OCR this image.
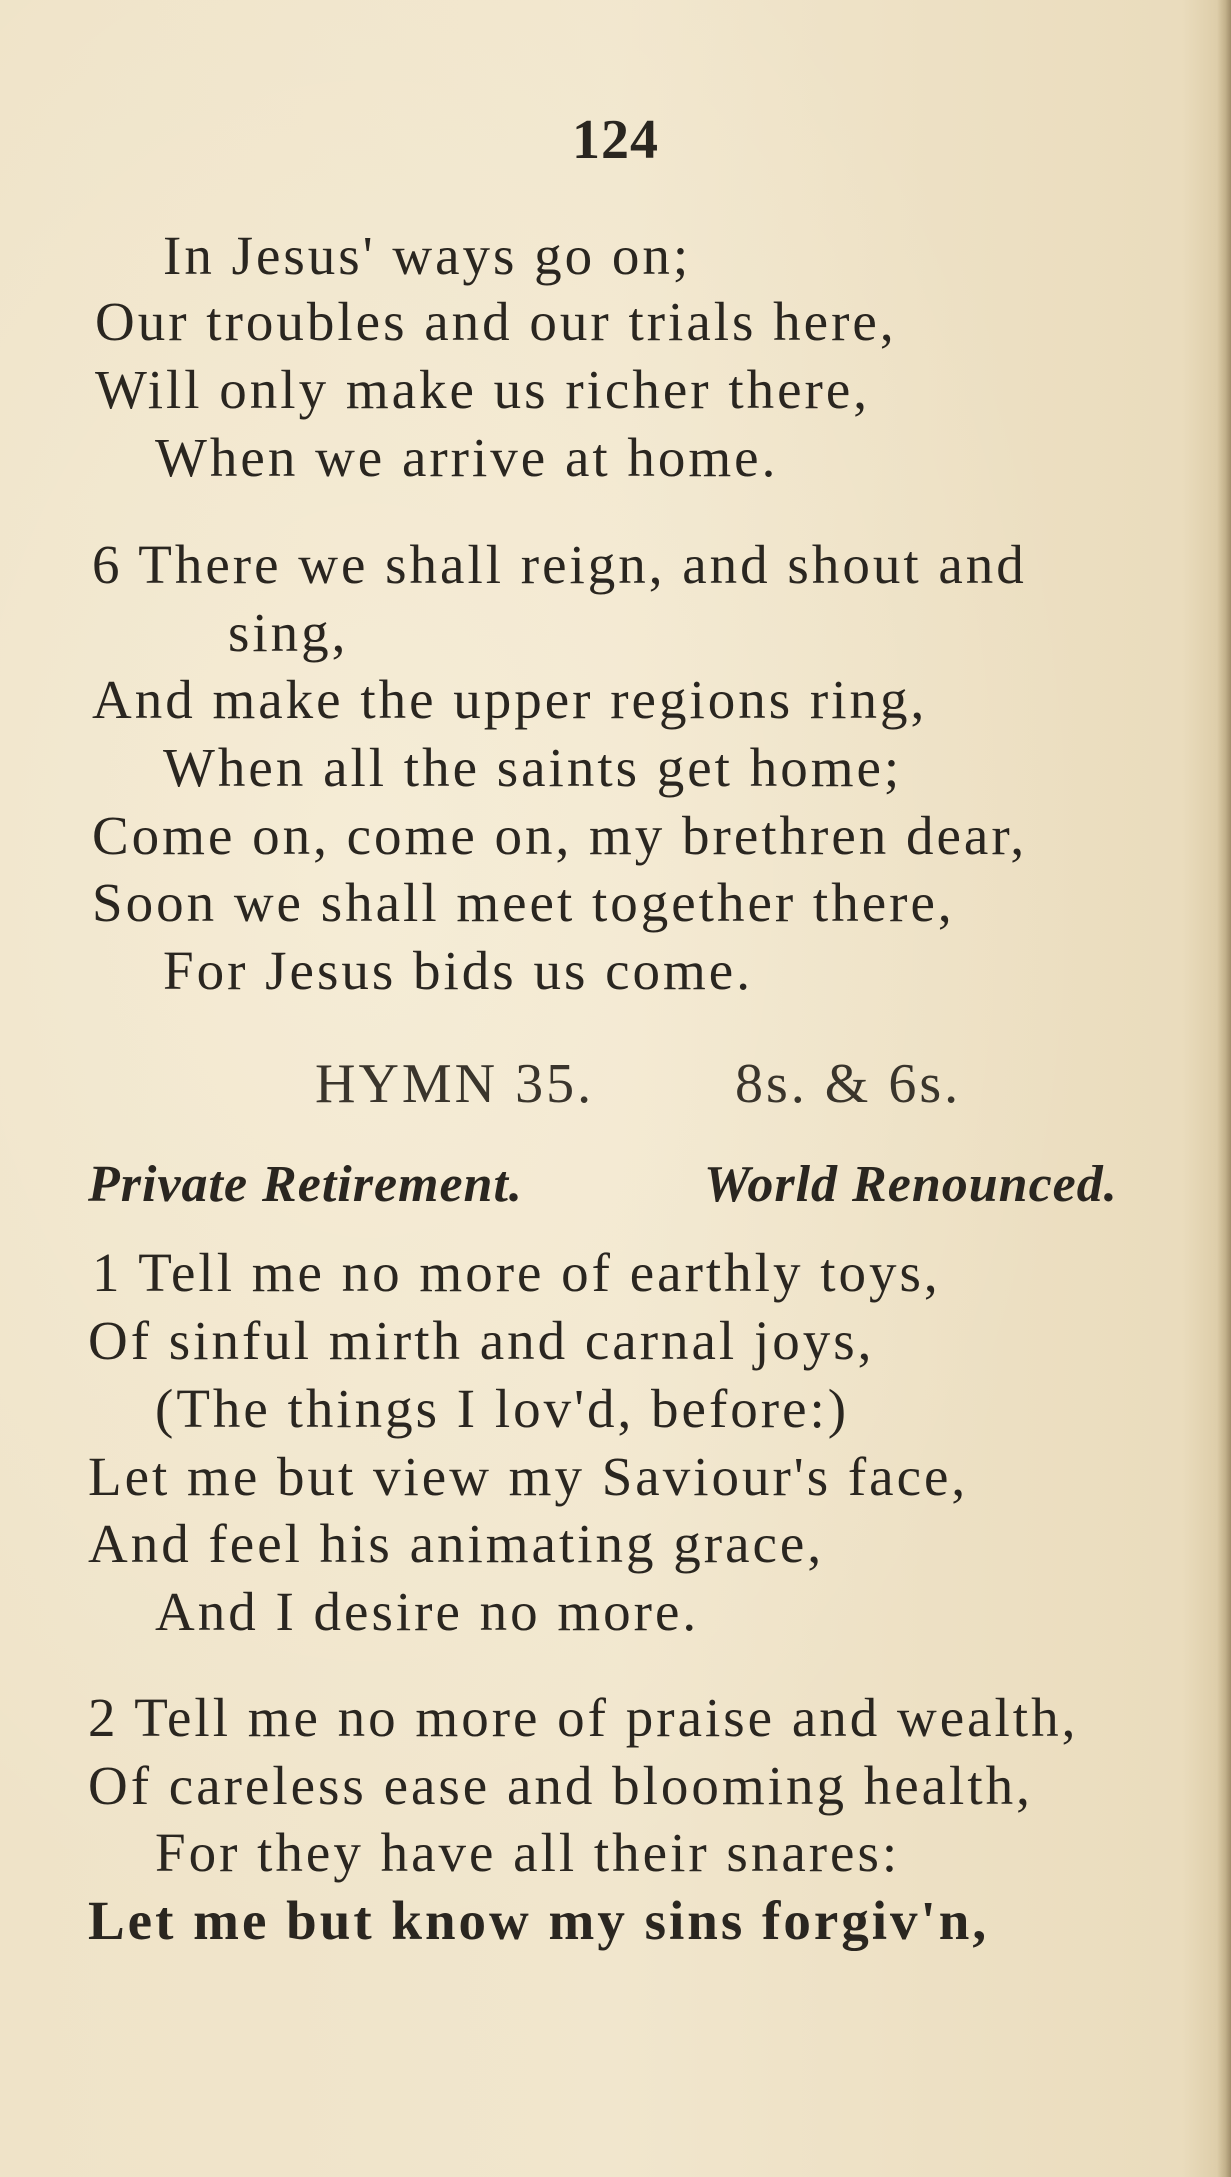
124
In Jesus' ways go on;
Our troubles and our trials here,
Will only make us richer there,
When we arrive at home.
6 There we shall reign, and shout and
sing,
And make the upper regions ring,
When all the saints get home;
Come on, come on, my brethren dear,
Soon we shall meet together there,
For Jesus bids us come.
HYMN 35.	8s. & 6s.
Private Retirement.	World Renounced.
1 Tell me no more of earthly toys,
Of sinful mirth and carnal joys,
(The things I lov'd, before:)
Let me but view my Saviour's face,
And feel his animating grace,
And I desire no more.
2 Tell me no more of praise and wealth,
Of careless ease and blooming health,
For they have all their snares:
Let me but know my sins forgiv'n,
